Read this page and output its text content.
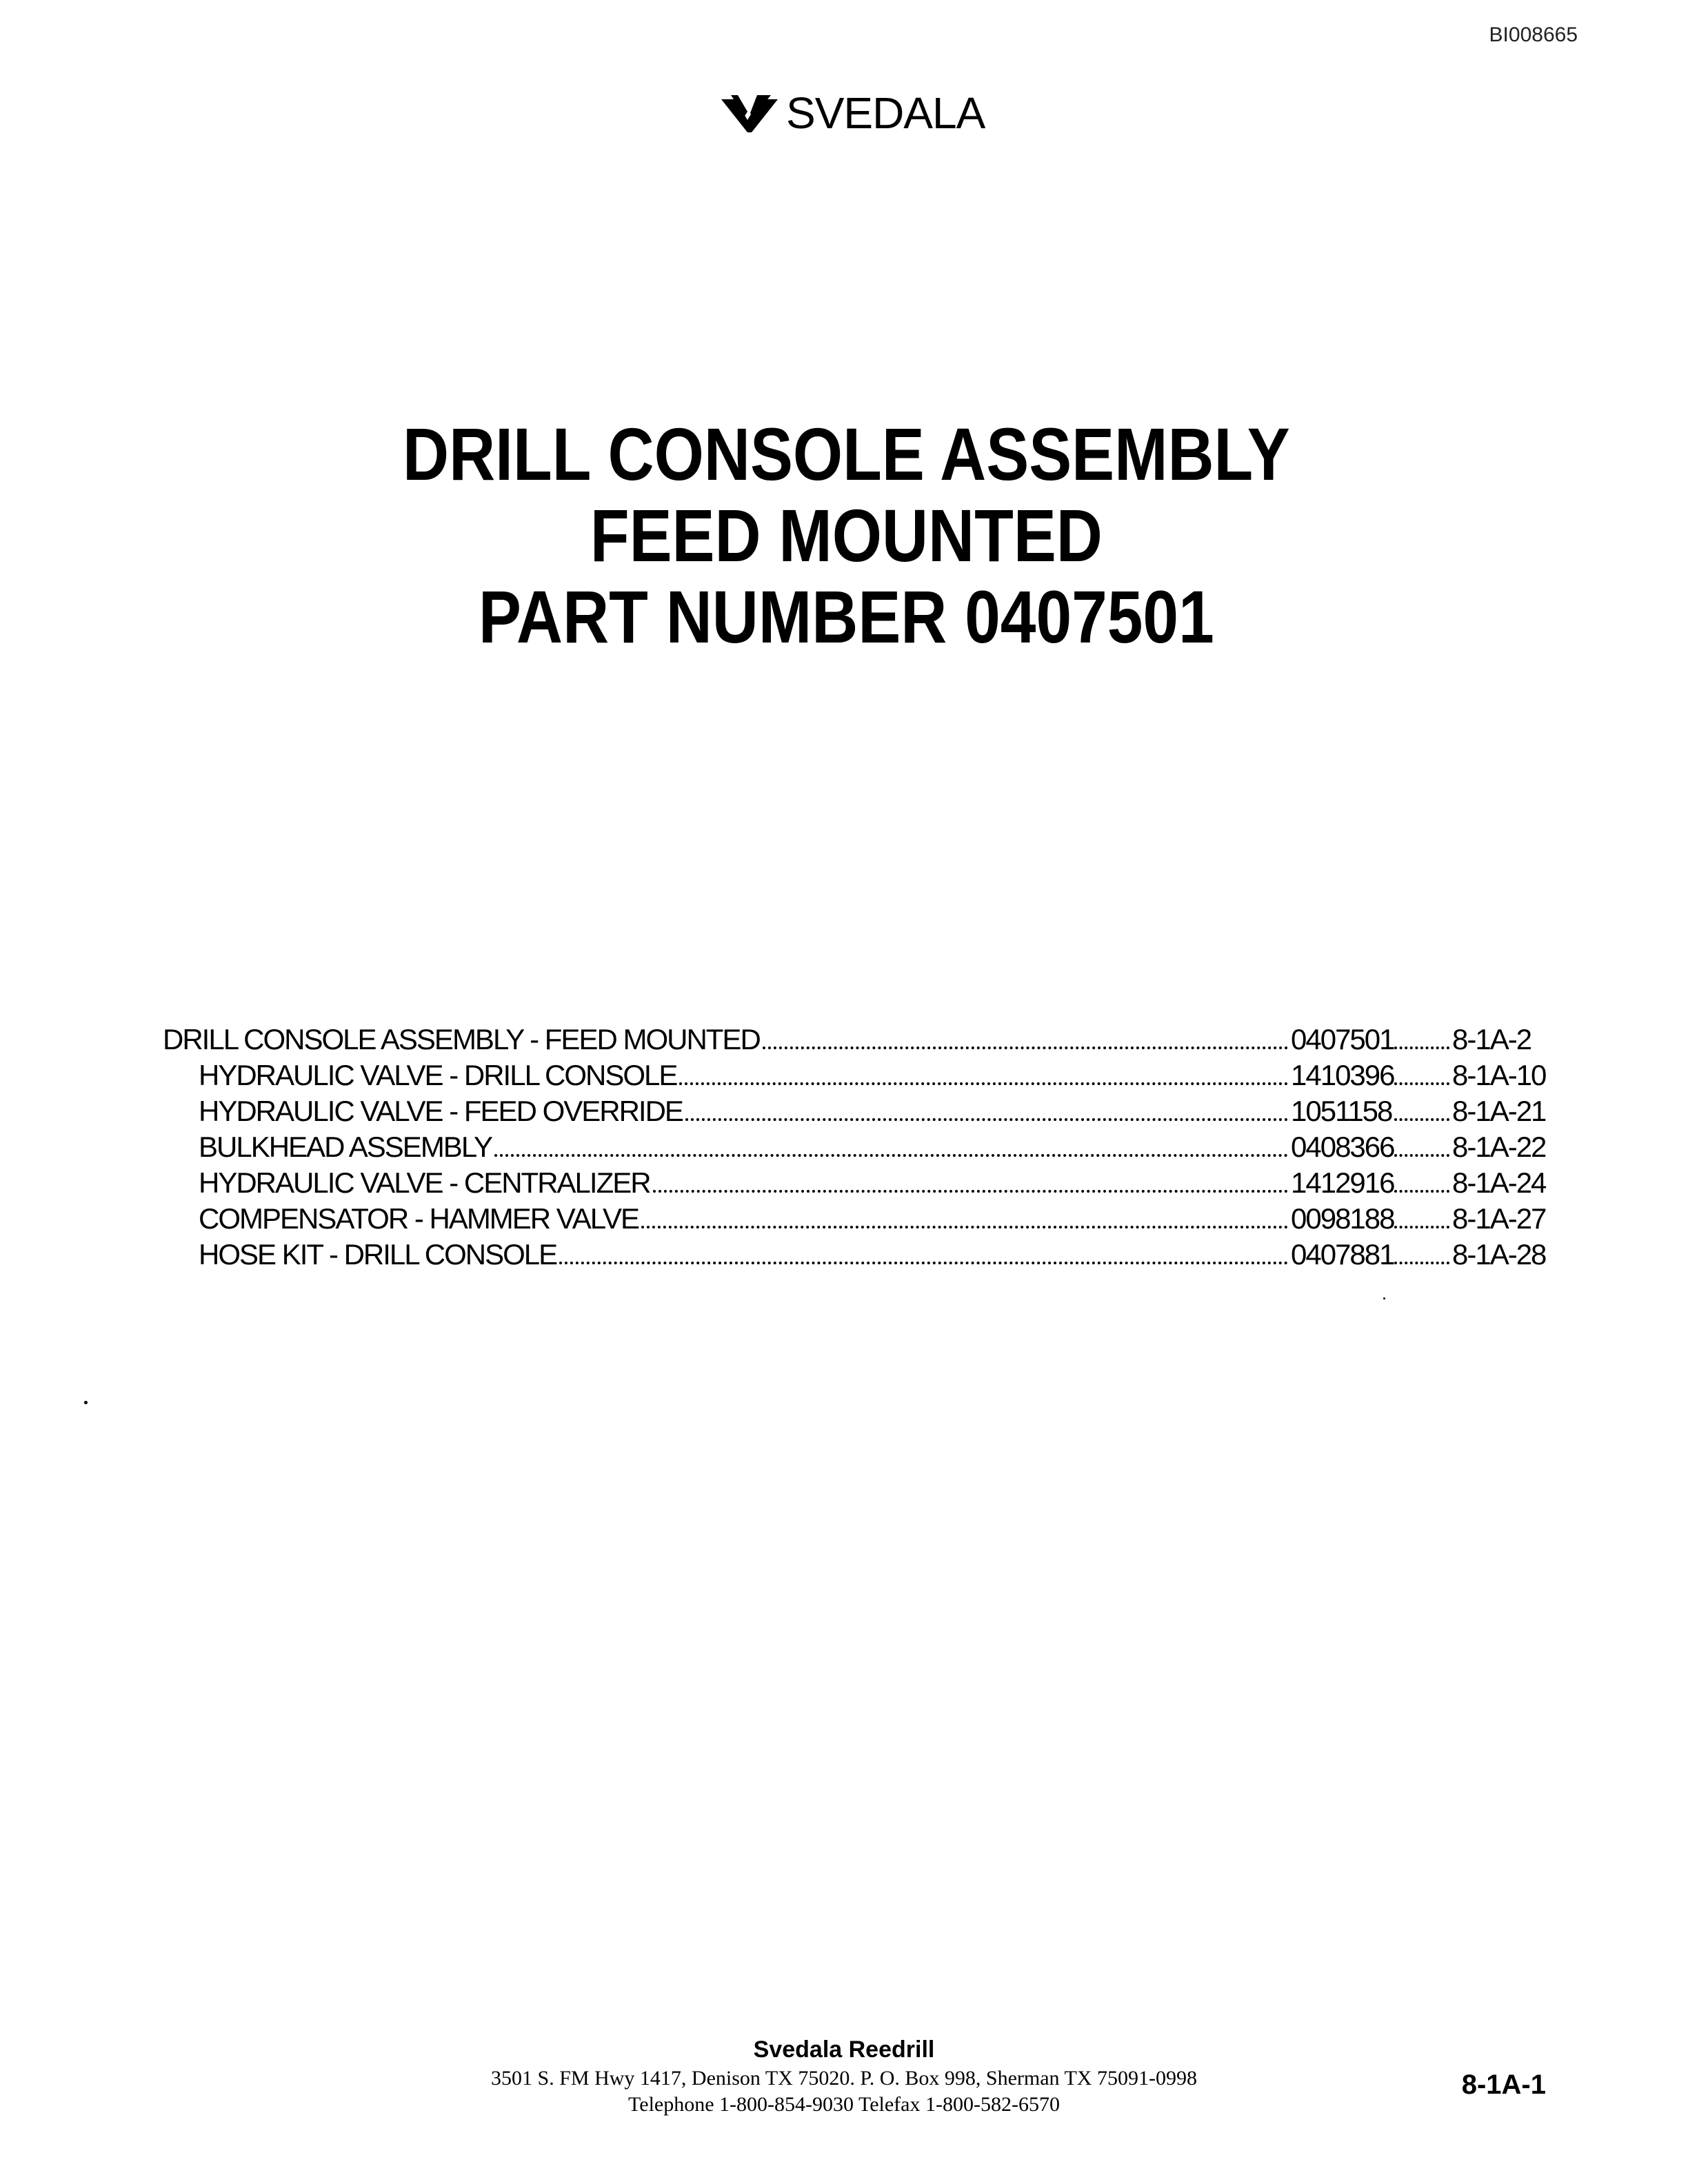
BI008665
SVEDALA
DRILL CONSOLE ASSEMBLY
FEED MOUNTED
PART NUMBER 0407501
DRILL CONSOLE ASSEMBLY - FEED MOUNTED	0407501 8-1A-2
HYDRAULIC VALVE - DRILL CONSOLE	1410396 8-1A-10
HYDRAULIC VALVE - FEED OVERRIDE	1051158 8-1A-21
BULKHEAD ASSEMBLY	0408366 8-1A-22
HYDRAULIC VALVE - CENTRALIZER	1412916 8-1A-24
COMPENSATOR - HAMMER VALVE	0098188 8-1A-27
HOSE KIT - DRILL CONSOLE	0407881 8-1A-28
Svedala Reedrill
3501 S. FM Hwy 1417, Denison TX 75020. P. O. Box 998, Sherman TX 75091-0998
Telephone 1-800-854-9030 Telefax 1-800-582-6570
8-1A-1
